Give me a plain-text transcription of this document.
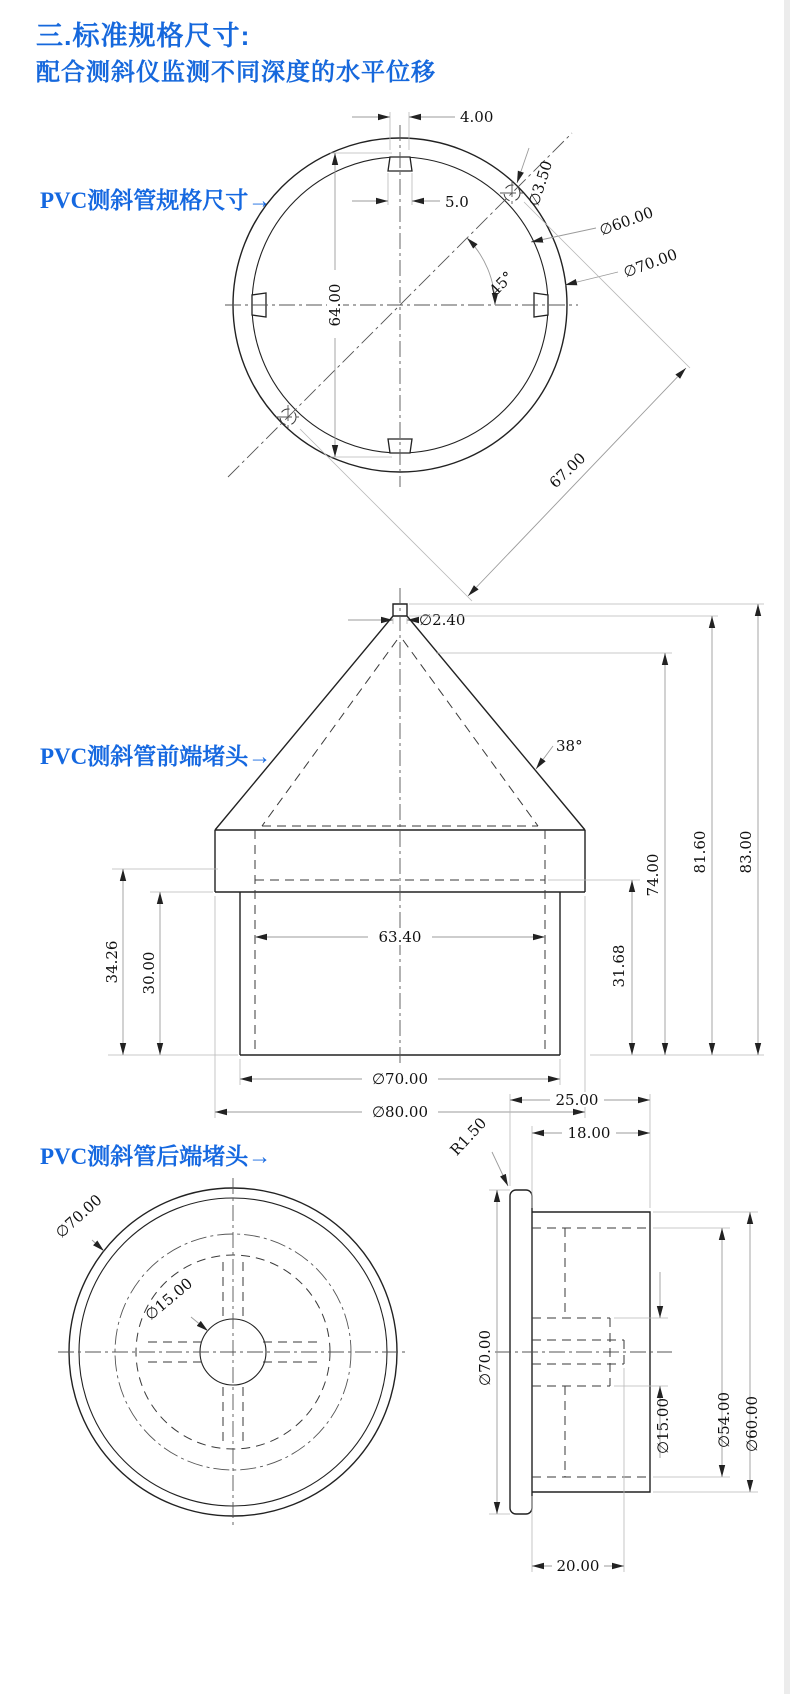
三.标准规格尺寸:
配合测斜仪监测不同深度的水平位移
PVC测斜管规格尺寸→
PVC测斜管前端堵头→
PVC测斜管后端堵头→
4.00
5.0	∅3.50
64.00	45°
∅60.00
∅70.00
67.00
∅2.40
38°
34.26 30.00
63.40
31.68
74.00
81.60 83.00
∅70.00
∅80.00
∅70.00
∅15.00
25.00
18.00
R1.50
∅70.00
∅15.00	∅54.00 ∅60.00
20.00
